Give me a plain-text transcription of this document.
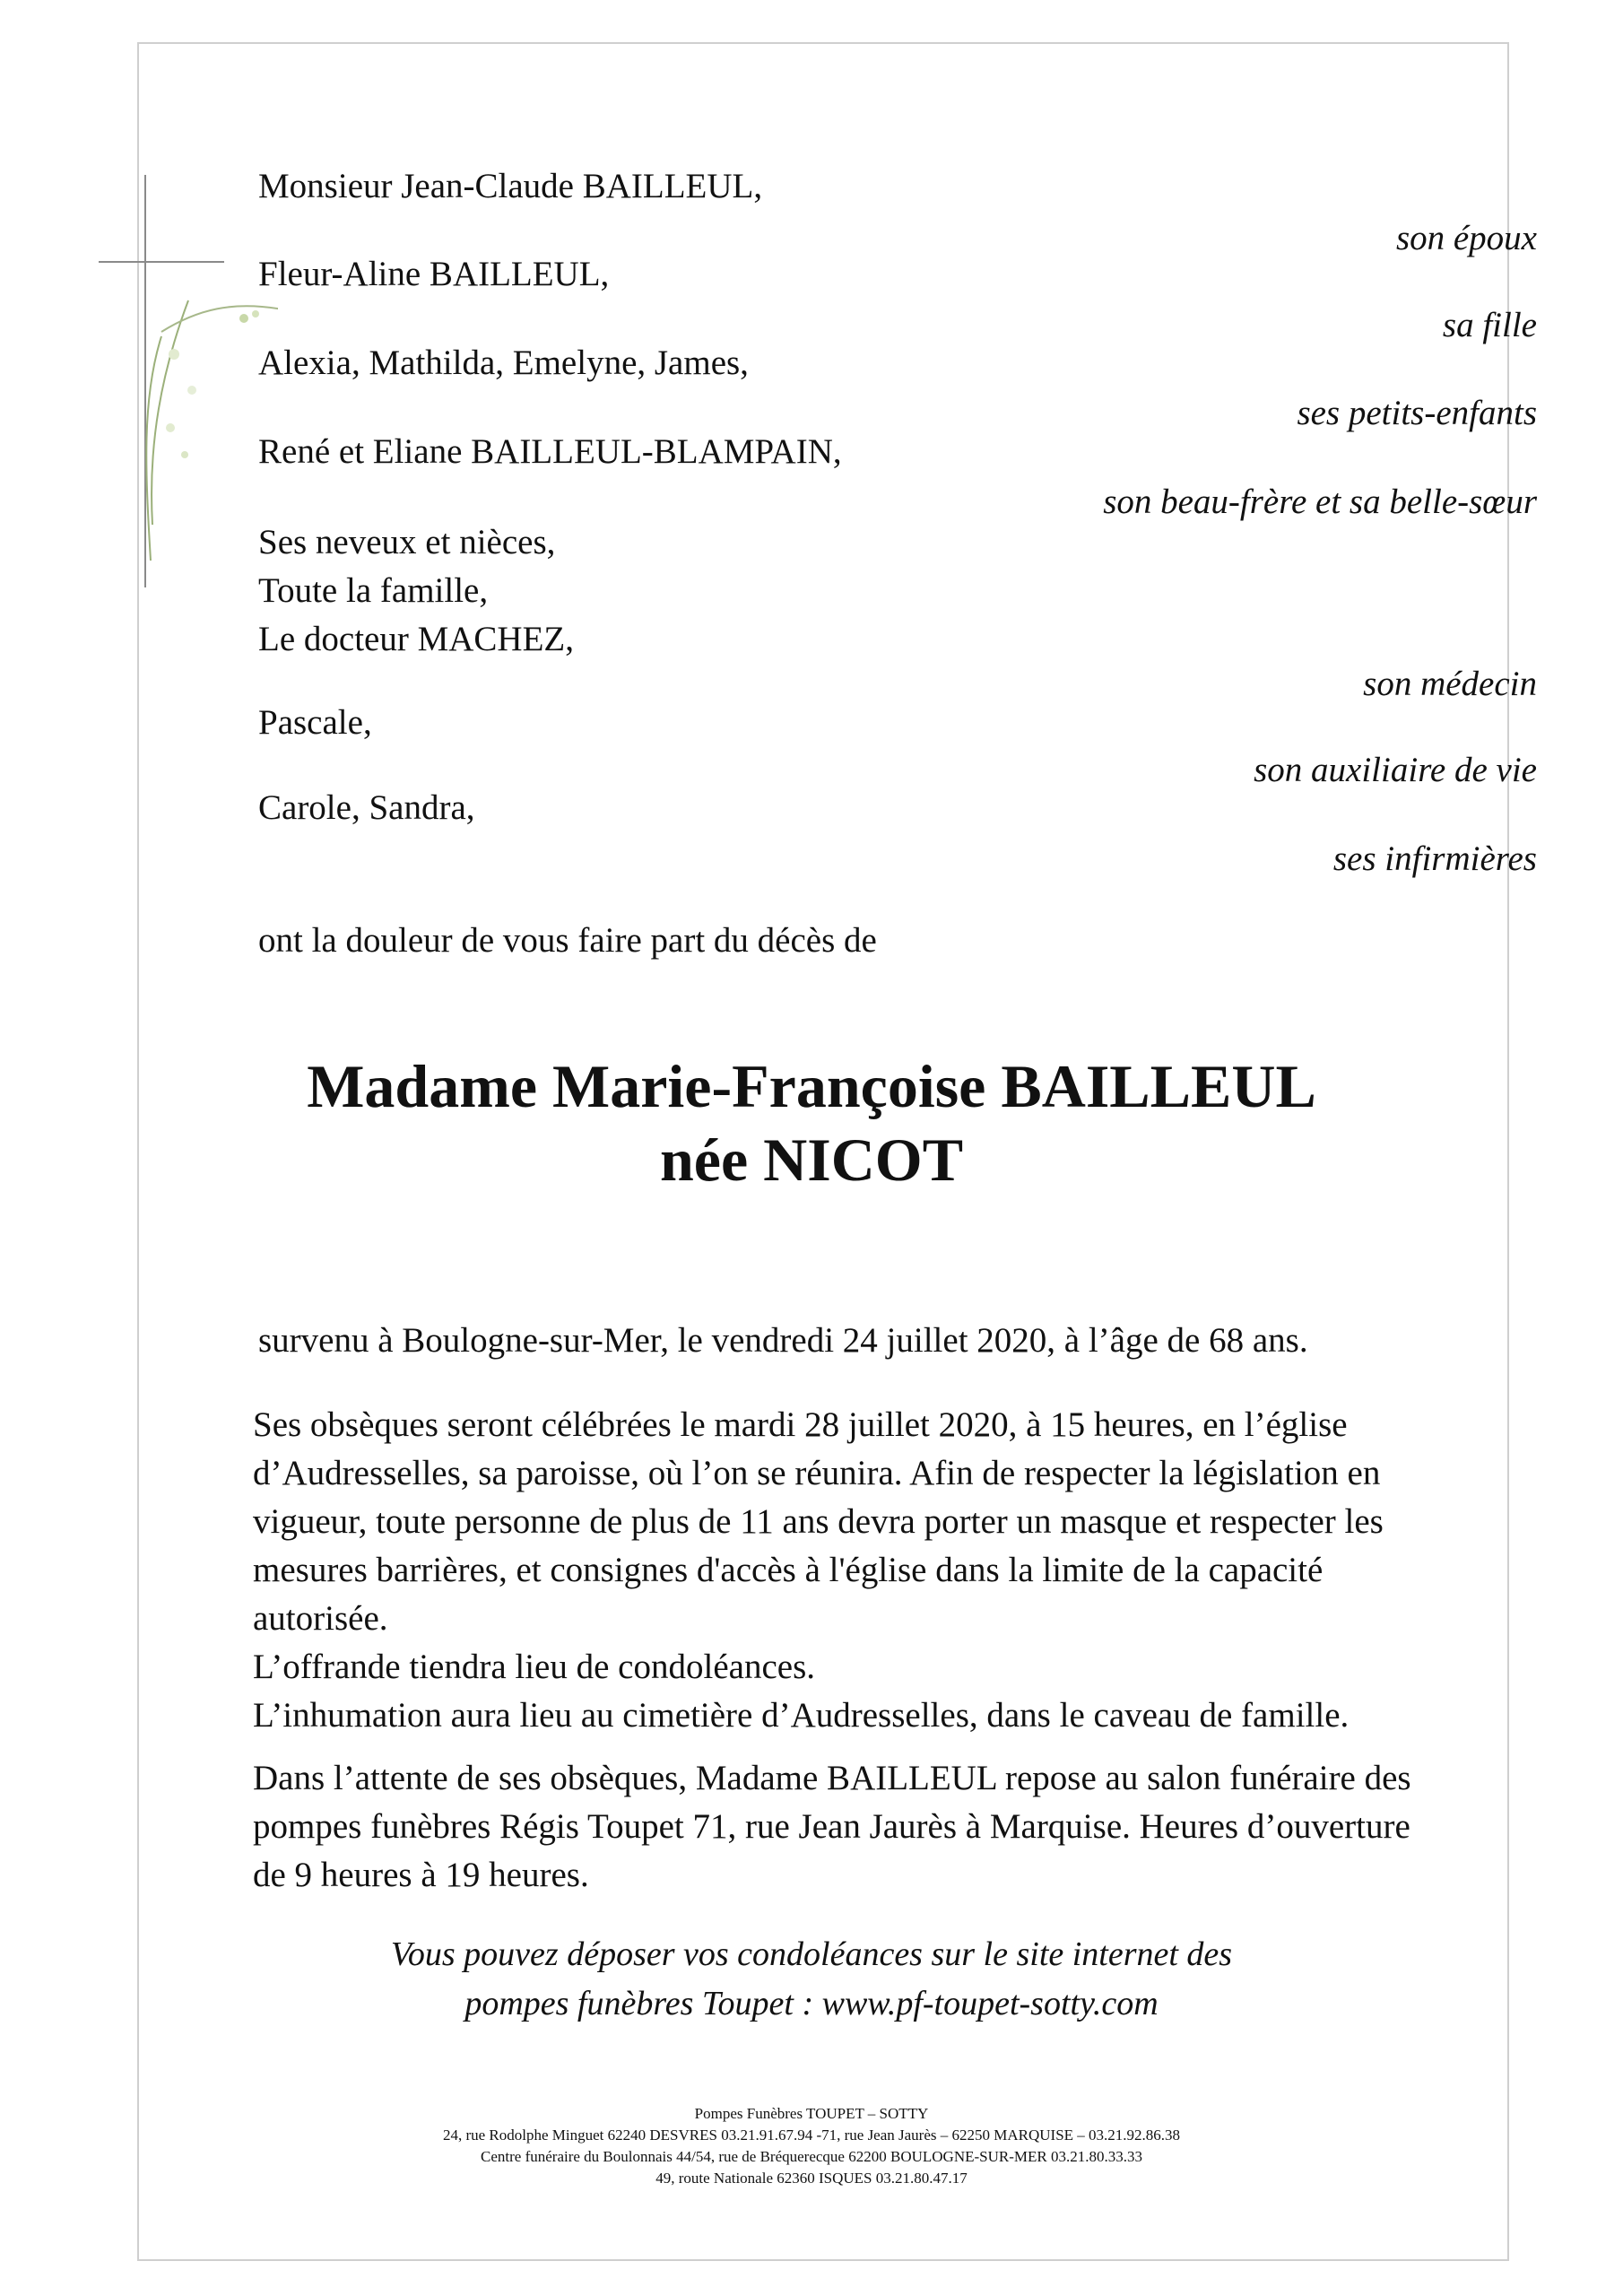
Monsieur Jean-Claude BAILLEUL,
son époux
Fleur-Aline BAILLEUL,
sa fille
Alexia, Mathilda, Emelyne, James,
ses petits-enfants
René et Eliane BAILLEUL-BLAMPAIN,
son beau-frère et sa belle-sœur
Ses neveux et nièces,
Toute la famille,
Le docteur MACHEZ,
son médecin
Pascale,
son auxiliaire de vie
Carole, Sandra,
ses infirmières
ont la douleur de vous faire part du décès de
Madame Marie-Françoise BAILLEUL
née NICOT
survenu à Boulogne-sur-Mer, le vendredi 24 juillet 2020, à l’âge de 68 ans.

Ses obsèques seront célébrées le mardi 28 juillet 2020, à 15 heures, en l’église

d’Audresselles, sa paroisse, où l’on se réunira. Afin de respecter la législation en

vigueur, toute personne de plus de 11 ans devra porter un masque et respecter les

mesures barrières, et consignes d'accès à l'église dans la limite de la capacité

autorisée.

L’offrande tiendra lieu de condoléances.

L’inhumation aura lieu au cimetière d’Audresselles, dans le caveau de famille.

Dans l’attente de ses obsèques, Madame BAILLEUL repose au salon funéraire des

pompes funèbres Régis Toupet 71, rue Jean Jaurès à Marquise. Heures d’ouverture

de 9 heures à 19 heures.

Vous pouvez déposer vos condoléances sur le site internet des
pompes funèbres Toupet : www.pf-toupet-sotty.com
Pompes Funèbres TOUPET – SOTTY
24, rue Rodolphe Minguet 62240 DESVRES 03.21.91.67.94 -71, rue Jean Jaurès – 62250 MARQUISE – 03.21.92.86.38
Centre funéraire du Boulonnais 44/54, rue de Bréquerecque 62200 BOULOGNE-SUR-MER 03.21.80.33.33
49, route Nationale 62360 ISQUES 03.21.80.47.17
